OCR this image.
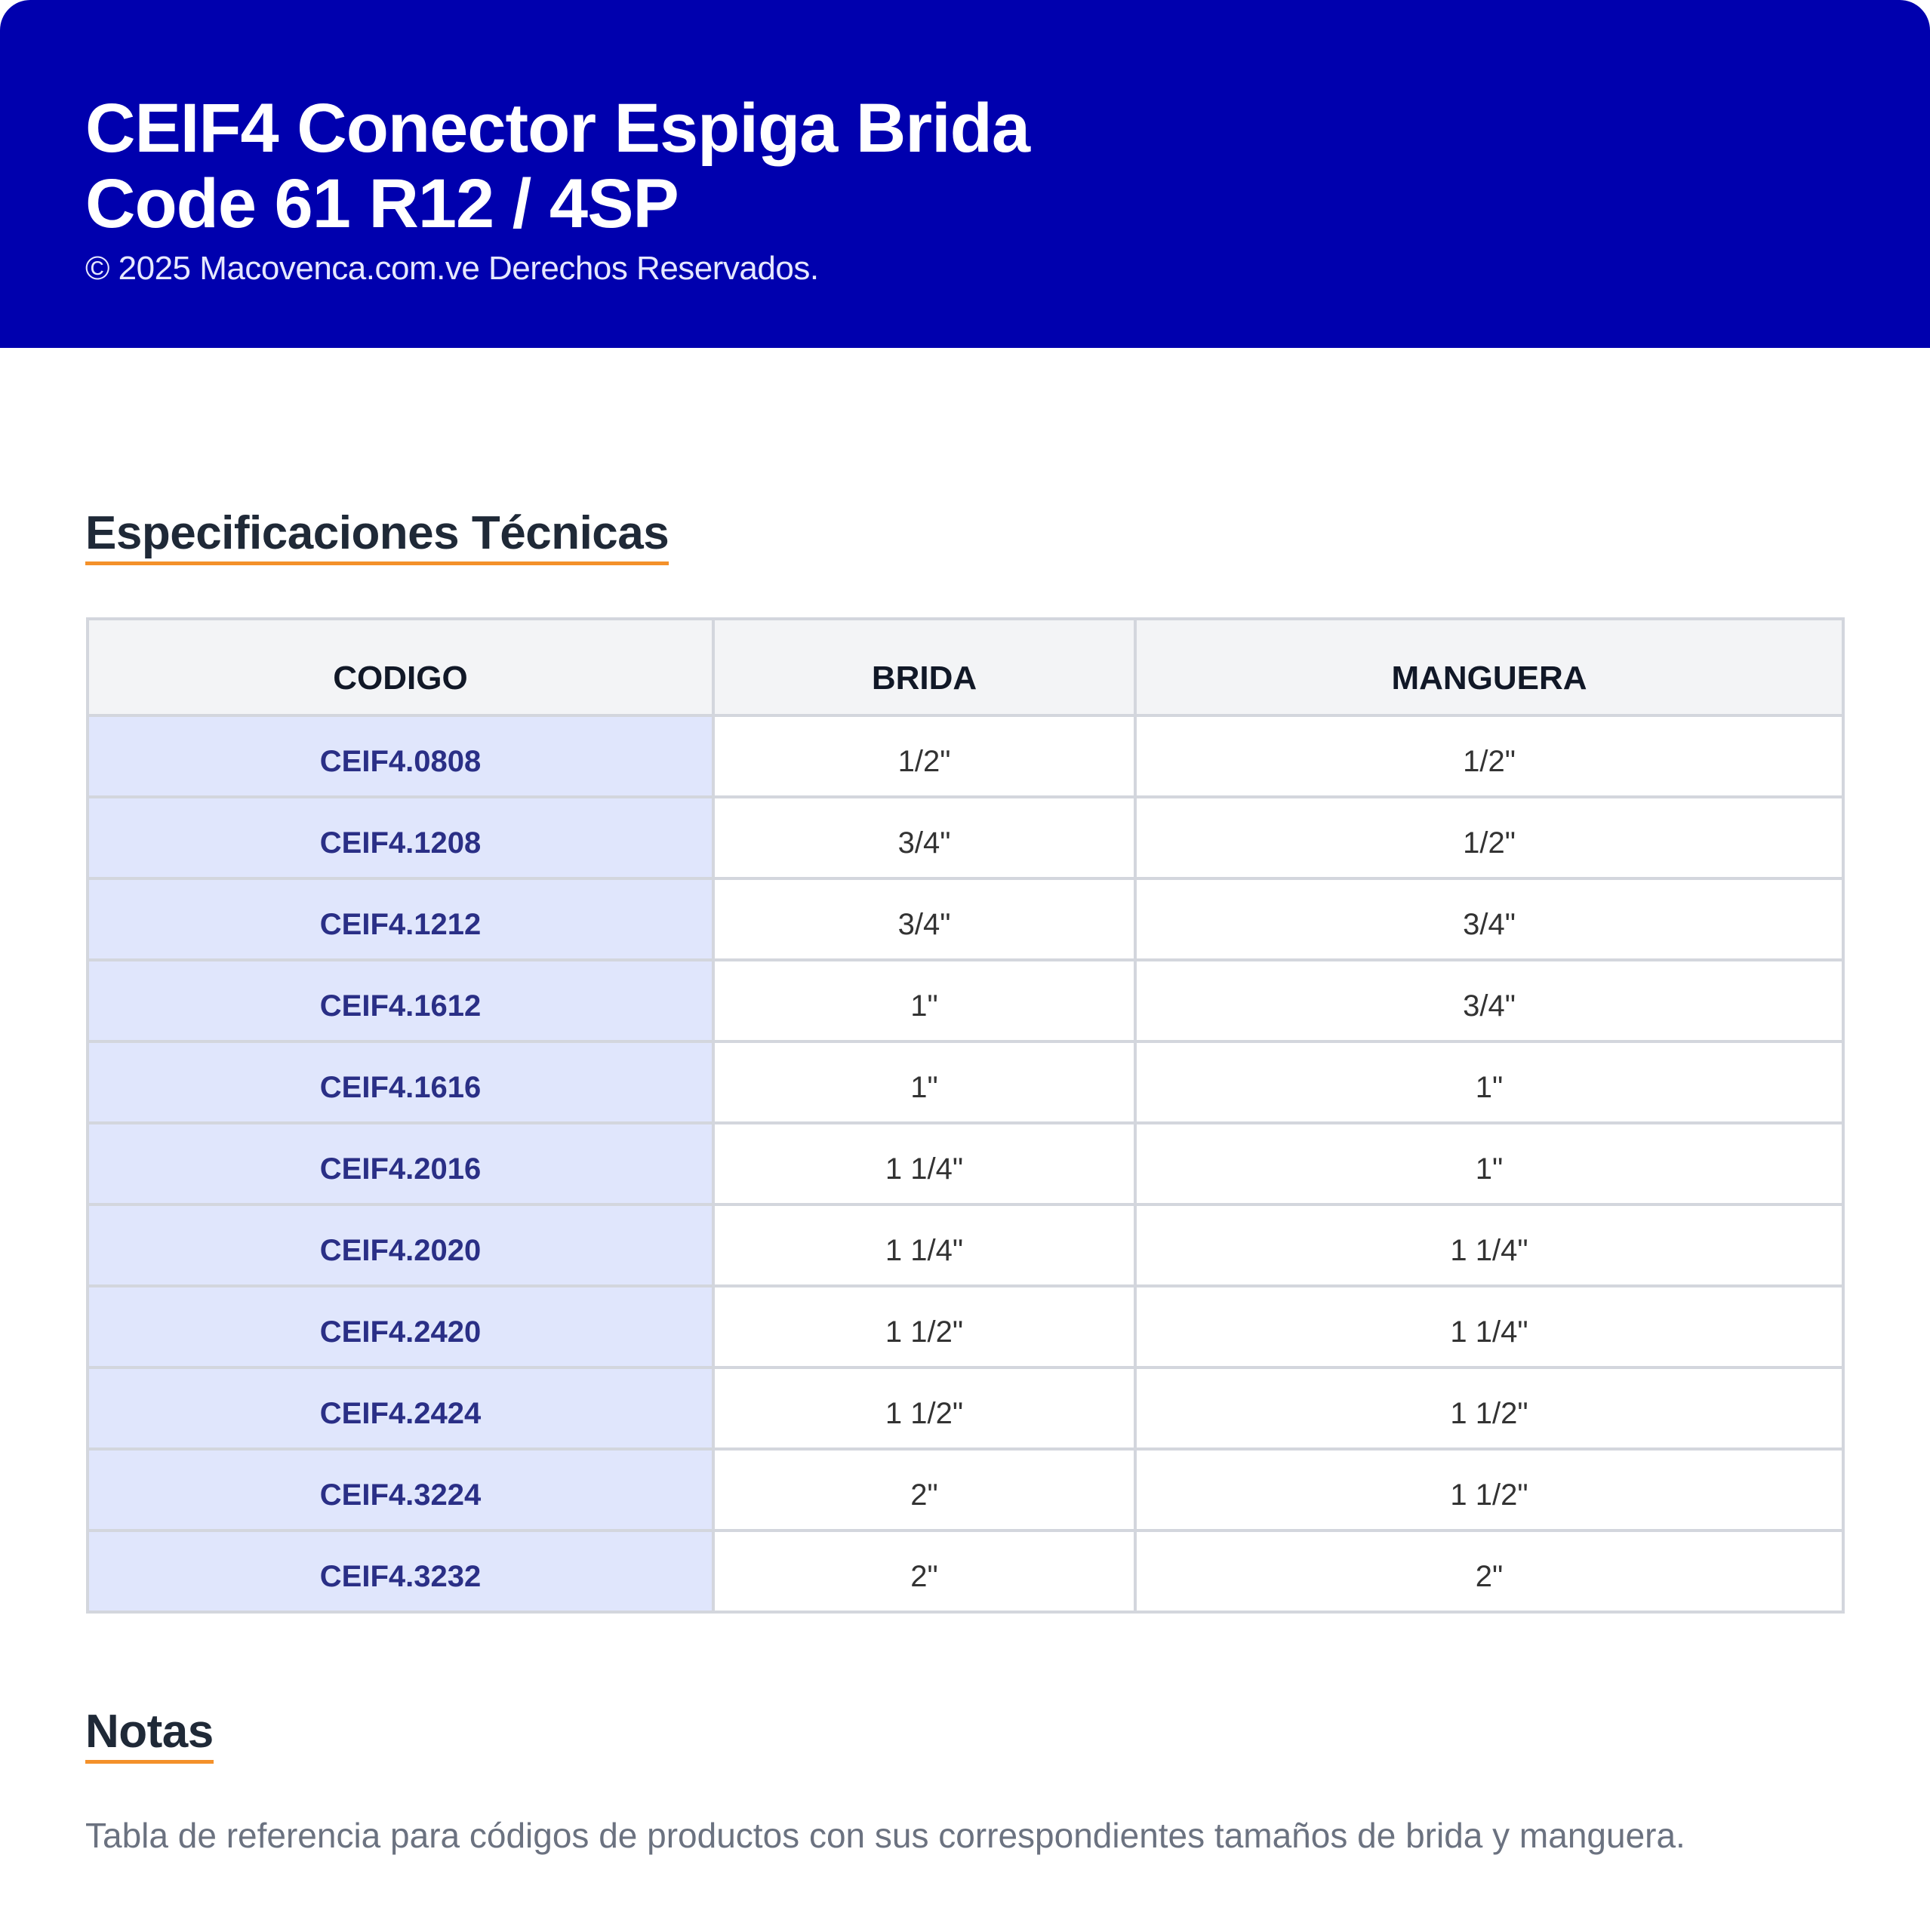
CEIF4 Conector Espiga Brida
Code 61 R12 / 4SP
© 2025 Macovenca.com.ve Derechos Reservados.
Especificaciones Técnicas
CODIGO	BRIDA	MANGUERA
CEIF4.0808	1/2"	1/2"
CEIF4.1208	3/4"	1/2"
CEIF4.1212	3/4"	3/4"
CEIF4.1612	1"	3/4"
CEIF4.1616	1"	1"
CEIF4.2016	1 1/4"	1"
CEIF4.2020	1 1/4"	1 1/4"
CEIF4.2420	1 1/2"	1 1/4"
CEIF4.2424	1 1/2"	1 1/2"
CEIF4.3224	2"	1 1/2"
CEIF4.3232	2"	2"
Notas
Tabla de referencia para códigos de productos con sus correspondientes tamaños de brida y manguera.
